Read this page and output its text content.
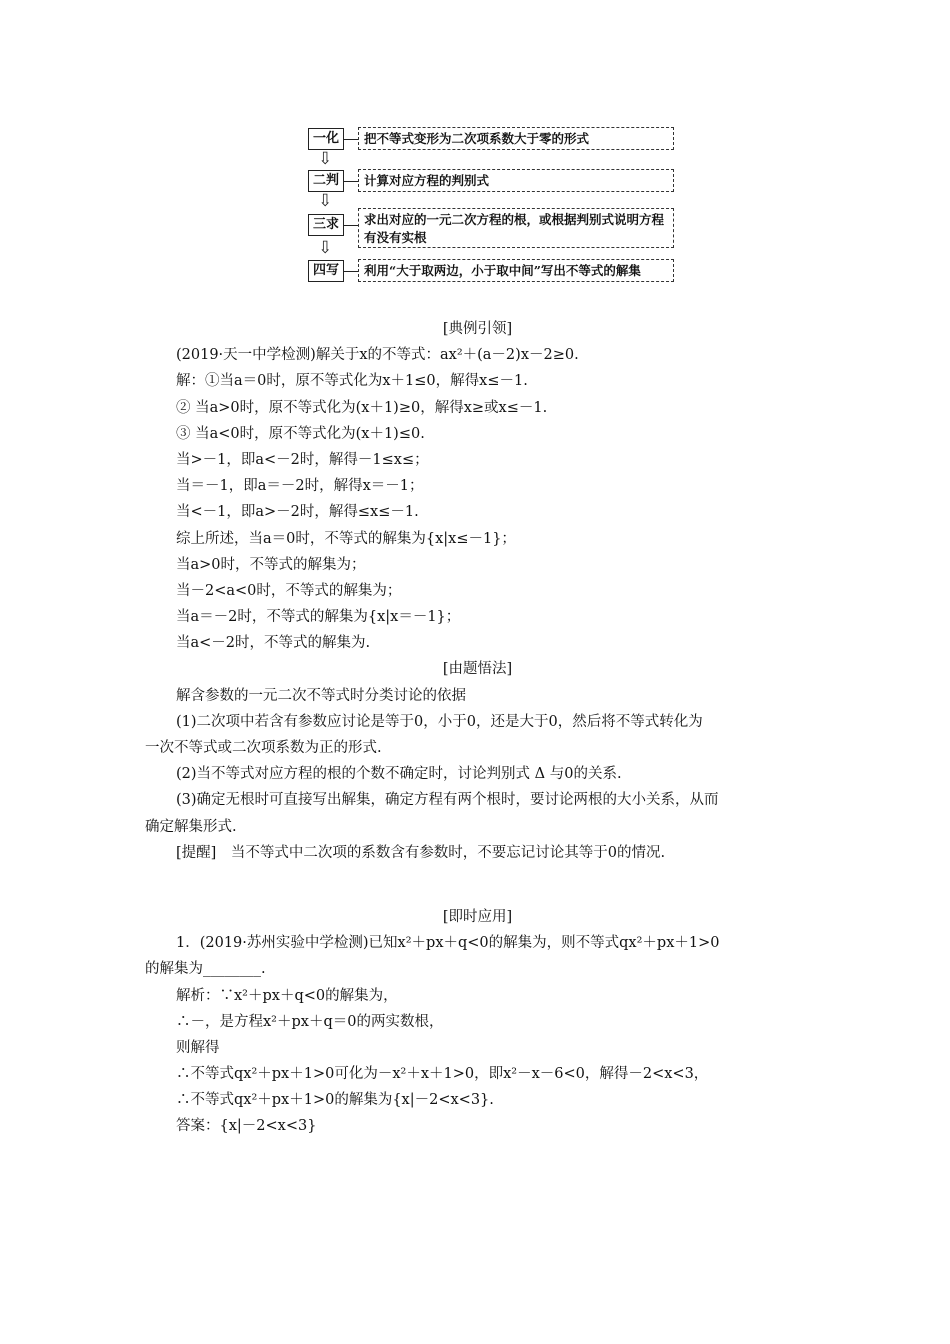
一化	把不等式变形为二次项系数大于零的形式
⇩
二判	计算对应方程的判别式
⇩
三求	求出对应的一元二次方程的根，或根据判别式说明方程有没有实根
⇩
四写	利用“大于取两边，小于取中间”写出不等式的解集
[典例引领]
(2019·天一中学检测)解关于x的不等式：ax²＋(a－2)x－2≥0.
解：①当a＝0时，原不等式化为x＋1≤0，解得x≤－1.
② 当a>0时，原不等式化为(x＋1)≥0，解得x≥或x≤－1.
③ 当a<0时，原不等式化为(x＋1)≤0.
当>－1，即a<－2时，解得－1≤x≤；
当＝－1，即a＝－2时，解得x＝－1；
当<－1，即a>－2时，解得≤x≤－1.
综上所述，当a＝0时，不等式的解集为{x|x≤－1}；
当a>0时，不等式的解集为；
当－2<a<0时，不等式的解集为；
当a＝－2时，不等式的解集为{x|x＝－1}；
当a<－2时，不等式的解集为.
[由题悟法]
解含参数的一元二次不等式时分类讨论的依据
(1)二次项中若含有参数应讨论是等于0，小于0，还是大于0，然后将不等式转化为
一次不等式或二次项系数为正的形式.
(2)当不等式对应方程的根的个数不确定时，讨论判别式 Δ 与0的关系.
(3)确定无根时可直接写出解集，确定方程有两个根时，要讨论两根的大小关系，从而
确定解集形式.
[提醒]　当不等式中二次项的系数含有参数时，不要忘记讨论其等于0的情况.
[即时应用]
1．(2019·苏州实验中学检测)已知x²＋px＋q<0的解集为，则不等式qx²＋px＋1>0
的解集为________.
解析：∵x²＋px＋q<0的解集为，
∴－，是方程x²＋px＋q＝0的两实数根，
则解得
∴不等式qx²＋px＋1>0可化为－x²＋x＋1>0，即x²－x－6<0，解得－2<x<3，
∴不等式qx²＋px＋1>0的解集为{x|－2<x<3}.
答案：{x|－2<x<3}
